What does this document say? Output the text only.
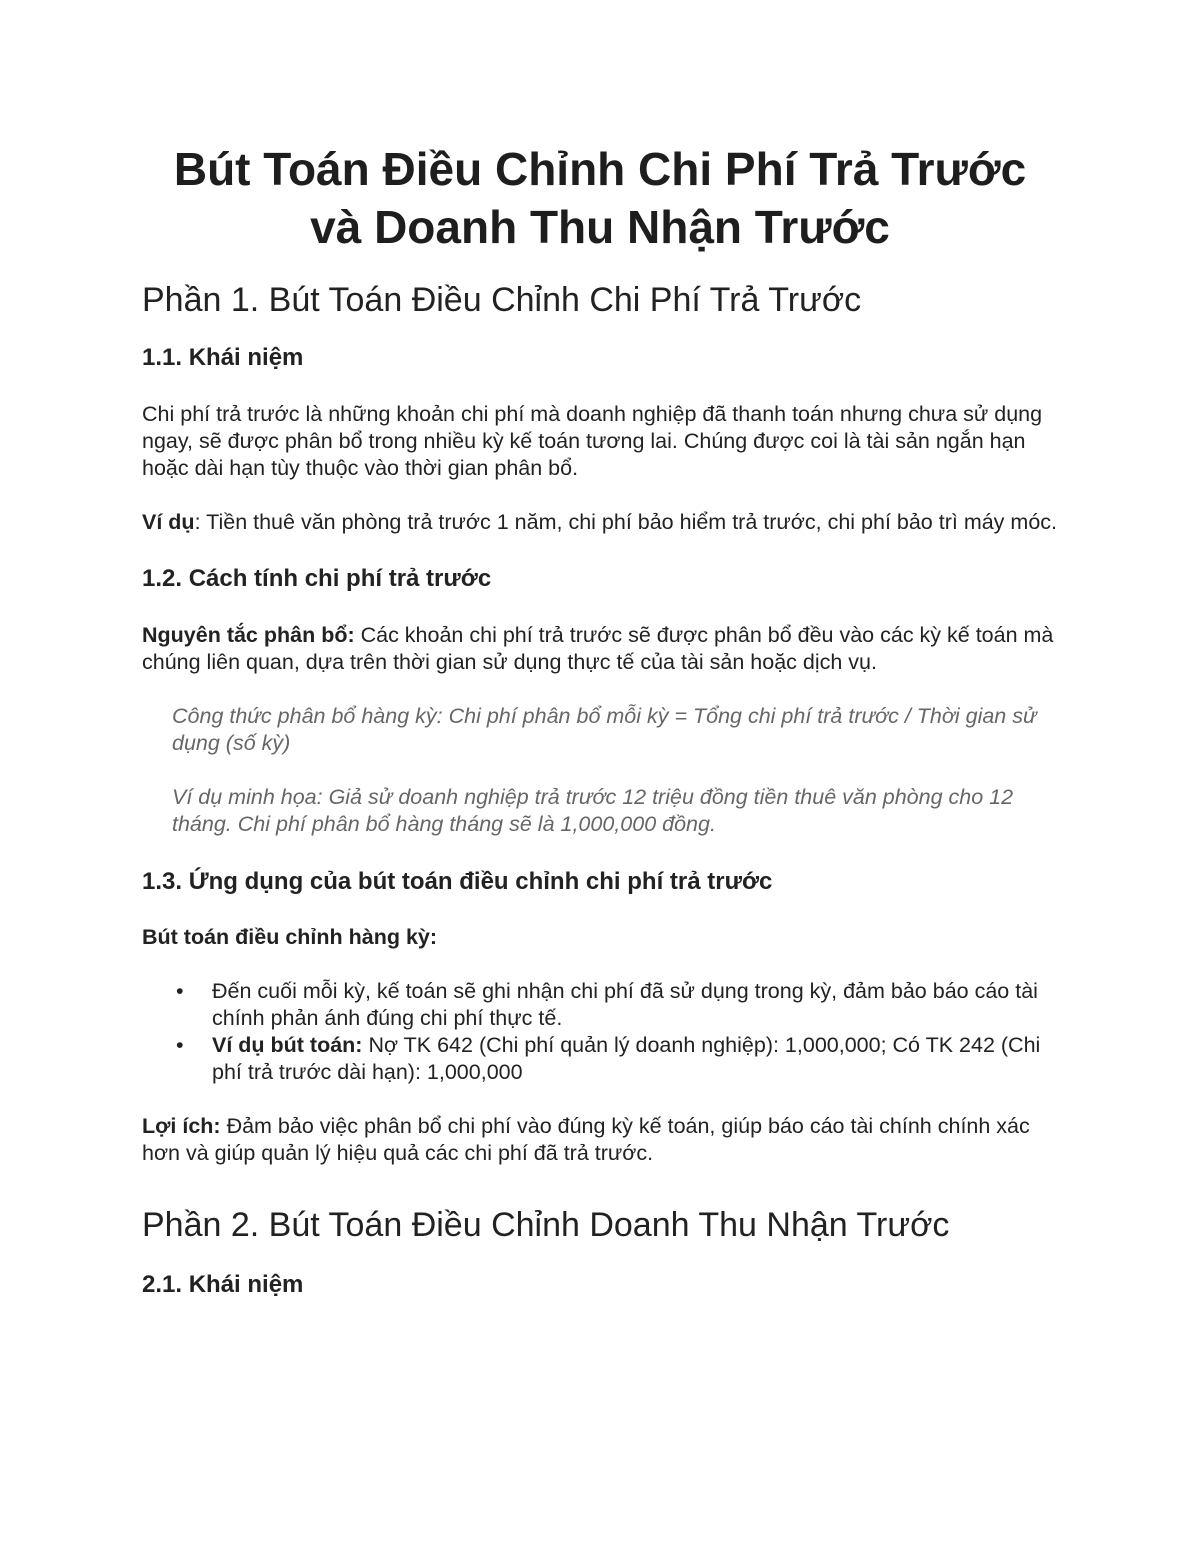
Bút Toán Điều Chỉnh Chi Phí Trả Trước
và Doanh Thu Nhận Trước
Phần 1. Bút Toán Điều Chỉnh Chi Phí Trả Trước
1.1. Khái niệm

Chi phí trả trước là những khoản chi phí mà doanh nghiệp đã thanh toán nhưng chưa sử dụng ngay, sẽ được phân bổ trong nhiều kỳ kế toán tương lai. Chúng được coi là tài sản ngắn hạn hoặc dài hạn tùy thuộc vào thời gian phân bổ.

Ví dụ: Tiền thuê văn phòng trả trước 1 năm, chi phí bảo hiểm trả trước, chi phí bảo trì máy móc.

1.2. Cách tính chi phí trả trước

Nguyên tắc phân bổ: Các khoản chi phí trả trước sẽ được phân bổ đều vào các kỳ kế toán mà chúng liên quan, dựa trên thời gian sử dụng thực tế của tài sản hoặc dịch vụ.

Công thức phân bổ hàng kỳ: Chi phí phân bổ mỗi kỳ = Tổng chi phí trả trước / Thời gian sử dụng (số kỳ)

Ví dụ minh họa: Giả sử doanh nghiệp trả trước 12 triệu đồng tiền thuê văn phòng cho 12 tháng. Chi phí phân bổ hàng tháng sẽ là 1,000,000 đồng.

1.3. Ứng dụng của bút toán điều chỉnh chi phí trả trước

Bút toán điều chỉnh hàng kỳ:

• Đến cuối mỗi kỳ, kế toán sẽ ghi nhận chi phí đã sử dụng trong kỳ, đảm bảo báo cáo tài chính phản ánh đúng chi phí thực tế.
• Ví dụ bút toán: Nợ TK 642 (Chi phí quản lý doanh nghiệp): 1,000,000; Có TK 242 (Chi phí trả trước dài hạn): 1,000,000

Lợi ích: Đảm bảo việc phân bổ chi phí vào đúng kỳ kế toán, giúp báo cáo tài chính chính xác hơn và giúp quản lý hiệu quả các chi phí đã trả trước.

Phần 2. Bút Toán Điều Chỉnh Doanh Thu Nhận Trước
2.1. Khái niệm
